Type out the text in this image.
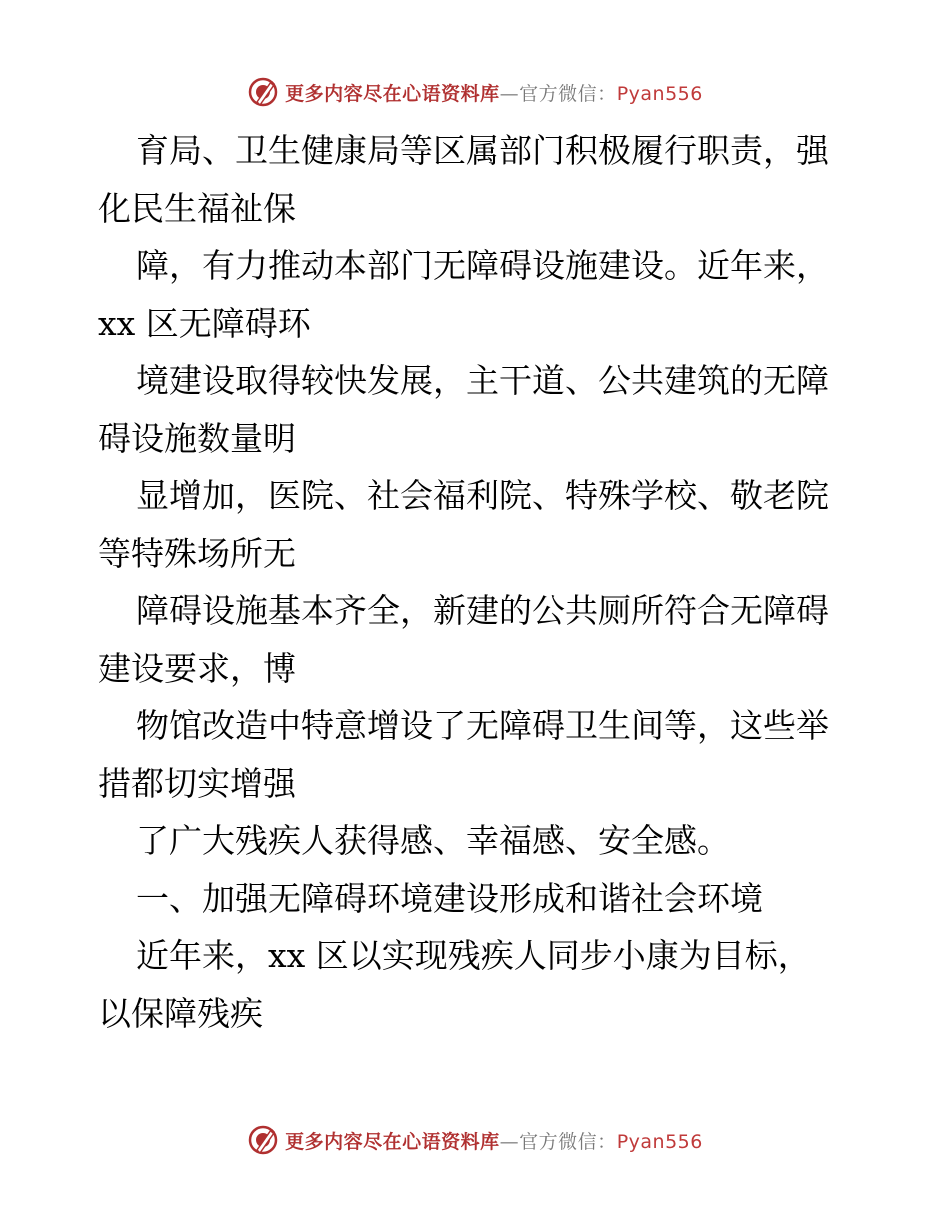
更多内容尽在心语资料库—官方微信：Pyan556
育局、卫生健康局等区属部门积极履行职责，强
化民生福祉保
障，有力推动本部门无障碍设施建设。近年来，
xx 区无障碍环
境建设取得较快发展，主干道、公共建筑的无障
碍设施数量明
显增加，医院、社会福利院、特殊学校、敬老院
等特殊场所无
障碍设施基本齐全，新建的公共厕所符合无障碍
建设要求，博
物馆改造中特意增设了无障碍卫生间等，这些举
措都切实增强
了广大残疾人获得感、幸福感、安全感。
一、加强无障碍环境建设形成和谐社会环境
近年来，xx 区以实现残疾人同步小康为目标，
以保障残疾
更多内容尽在心语资料库—官方微信：Pyan556
